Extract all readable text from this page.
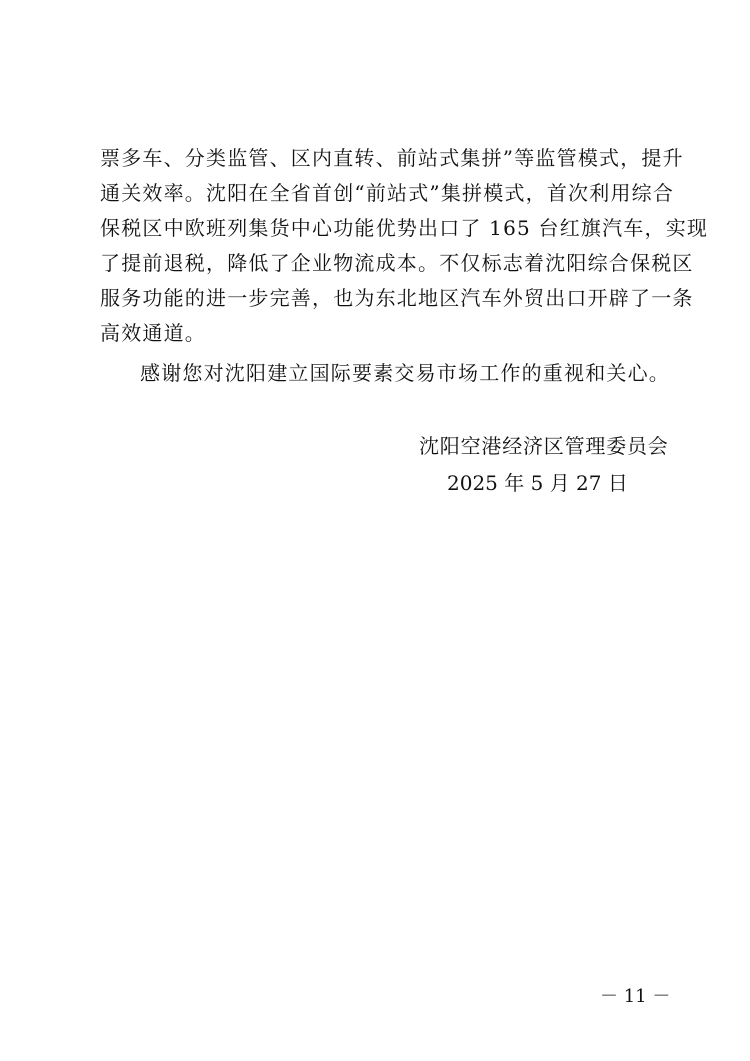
票多车、分类监管、区内直转、前站式集拼”等监管模式，提升
通关效率。沈阳在全省首创“前站式”集拼模式，首次利用综合
保税区中欧班列集货中心功能优势出口了 165 台红旗汽车，实现
了提前退税，降低了企业物流成本。不仅标志着沈阳综合保税区
服务功能的进一步完善，也为东北地区汽车外贸出口开辟了一条
高效通道。
感谢您对沈阳建立国际要素交易市场工作的重视和关心。
沈阳空港经济区管理委员会
2025 年 5 月 27 日
－ 11 －
